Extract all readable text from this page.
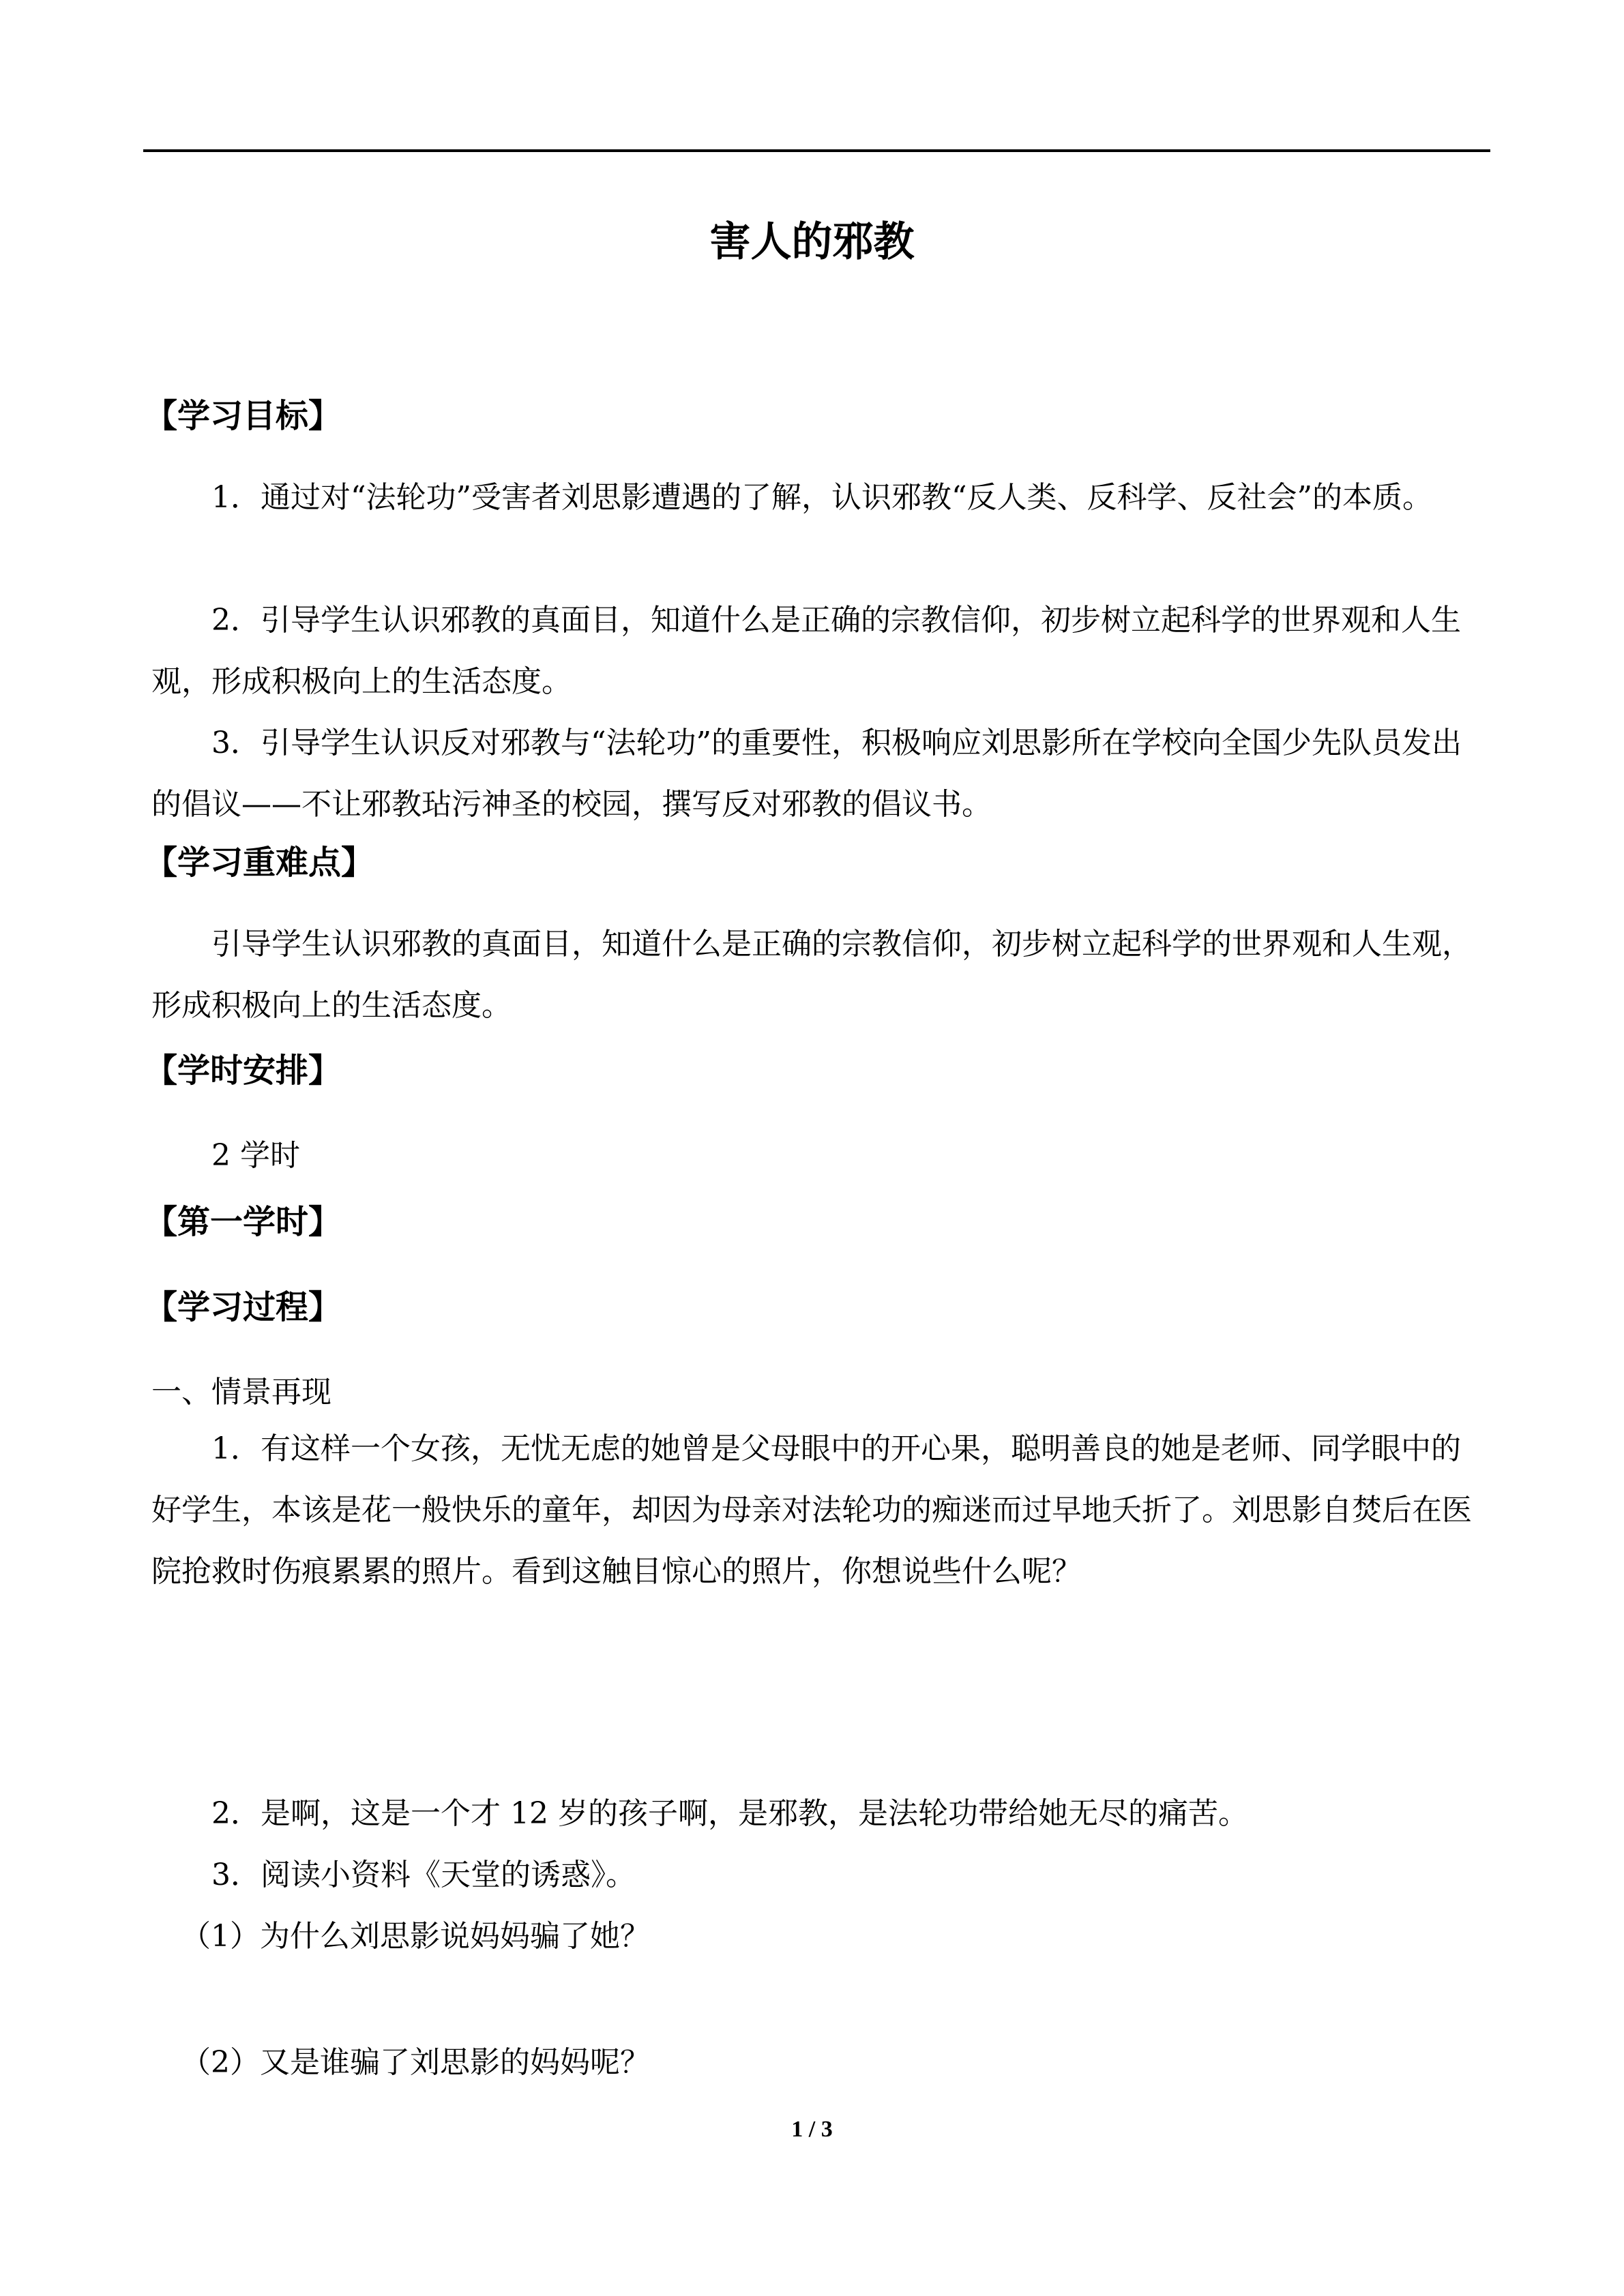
害人的邪教
【学习目标】

1．通过对“法轮功”受害者刘思影遭遇的了解，认识邪教“反人类、反科学、反社会”的本质。

2．引导学生认识邪教的真面目，知道什么是正确的宗教信仰，初步树立起科学的世界观和人生观，形成积极向上的生活态度。

3．引导学生认识反对邪教与“法轮功”的重要性，积极响应刘思影所在学校向全国少先队员发出的倡议——不让邪教玷污神圣的校园，撰写反对邪教的倡议书。

【学习重难点】

引导学生认识邪教的真面目，知道什么是正确的宗教信仰，初步树立起科学的世界观和人生观，形成积极向上的生活态度。

【学时安排】
2 学时
【第一学时】
【学习过程】
一、情景再现

1．有这样一个女孩，无忧无虑的她曾是父母眼中的开心果，聪明善良的她是老师、同学眼中的好学生，本该是花一般快乐的童年，却因为母亲对法轮功的痴迷而过早地夭折了。刘思影自焚后在医院抢救时伤痕累累的照片。看到这触目惊心的照片，你想说些什么呢？

2．是啊，这是一个才 12 岁的孩子啊，是邪教，是法轮功带给她无尽的痛苦。

3．阅读小资料《天堂的诱惑》。

（1）为什么刘思影说妈妈骗了她？
（2）又是谁骗了刘思影的妈妈呢？
1 / 3
